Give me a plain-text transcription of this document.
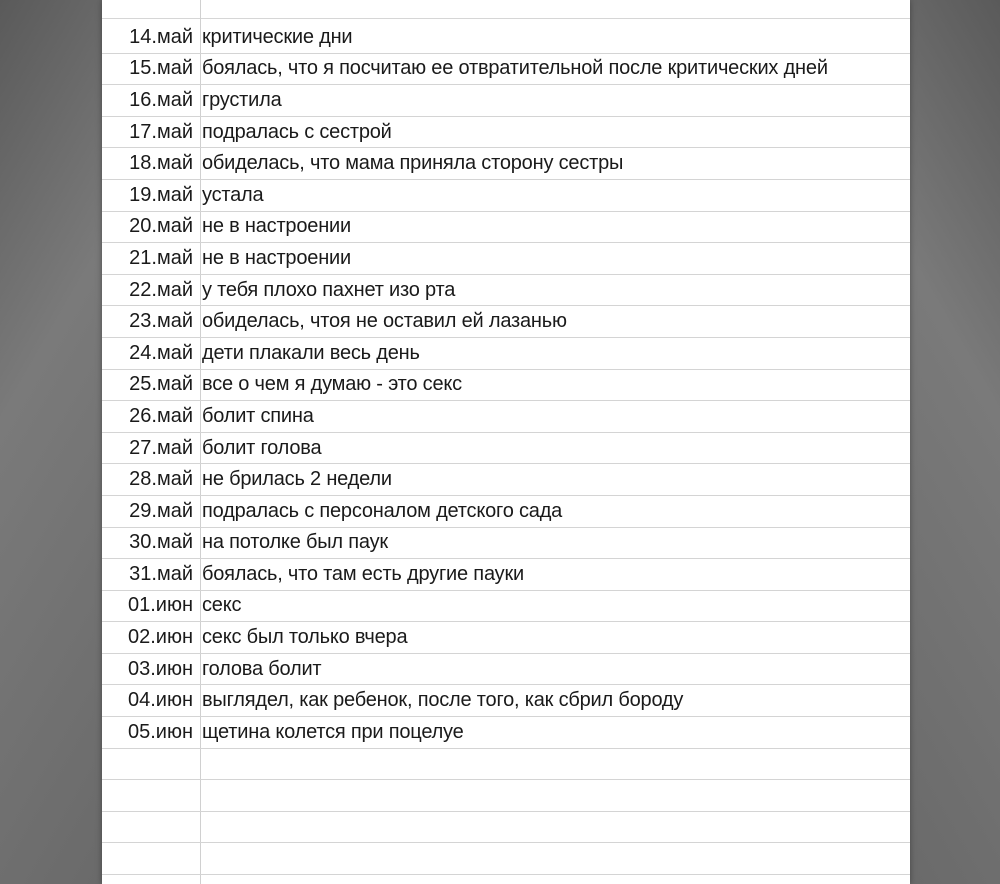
14.май критические дни
15.май боялась, что я посчитаю ее отвратительной после критических дней
16.май грустила
17.май подралась с сестрой
18.май обиделась, что мама приняла сторону сестры
19.май устала
20.май не в настроении
21.май не в настроении
22.май у тебя плохо пахнет изо рта
23.май обиделась, чтоя не оставил ей лазанью
24.май дети плакали весь день
25.май все о чем я думаю - это секс
26.май болит спина
27.май болит голова
28.май не брилась 2 недели
29.май подралась с персоналом детского сада
30.май на потолке был паук
31.май боялась, что там есть другие пауки
01.июн секс
02.июн секс был только вчера
03.июн голова болит
04.июн выглядел, как ребенок, после того, как сбрил бороду
05.июн щетина колется при поцелуе
